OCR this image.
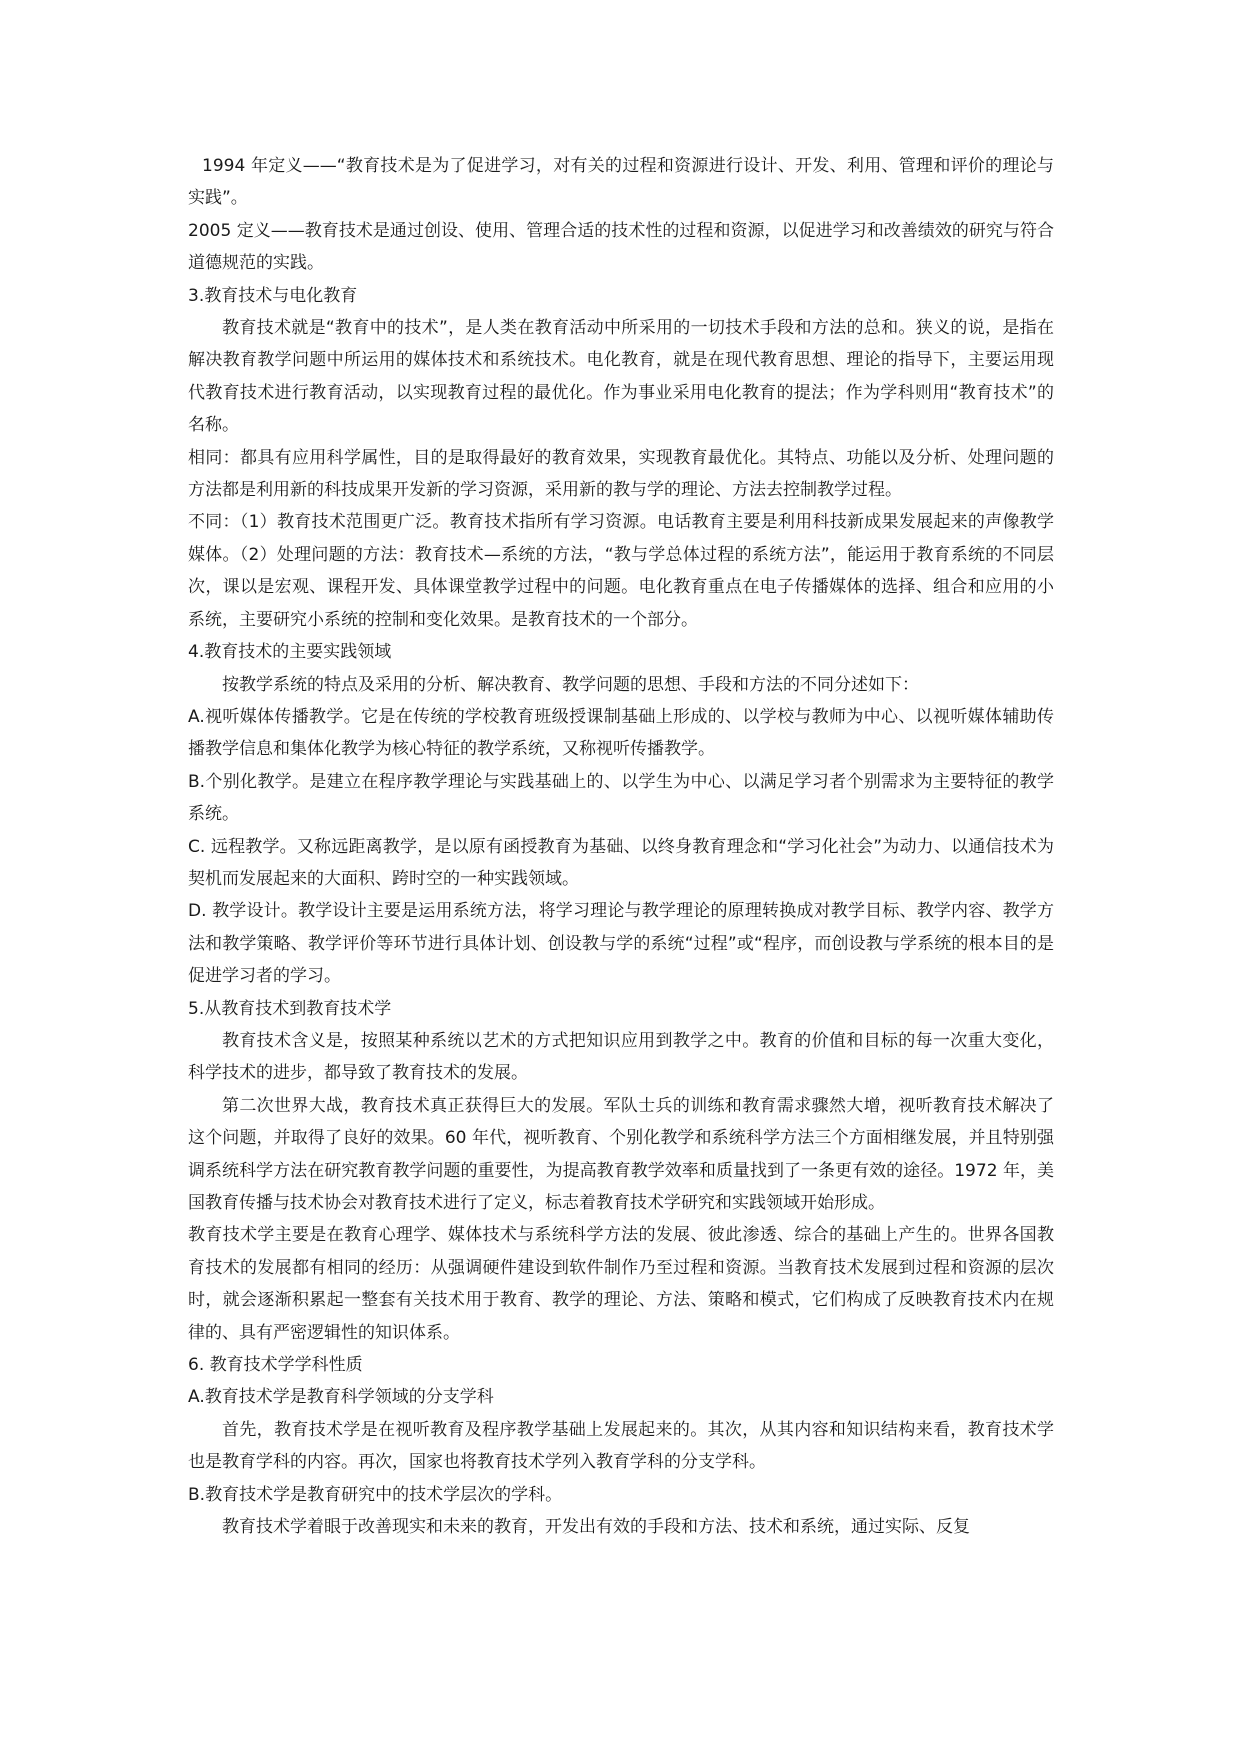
1994 年定义——“教育技术是为了促进学习，对有关的过程和资源进行设计、开发、利用、管理和评价的理论与实践”。

2005 定义——教育技术是通过创设、使用、管理合适的技术性的过程和资源，以促进学习和改善绩效的研究与符合道德规范的实践。

3.教育技术与电化教育

教育技术就是“教育中的技术”，是人类在教育活动中所采用的一切技术手段和方法的总和。狭义的说，是指在解决教育教学问题中所运用的媒体技术和系统技术。电化教育，就是在现代教育思想、理论的指导下，主要运用现代教育技术进行教育活动，以实现教育过程的最优化。作为事业采用电化教育的提法；作为学科则用“教育技术”的名称。

相同：都具有应用科学属性，目的是取得最好的教育效果，实现教育最优化。其特点、功能以及分析、处理问题的方法都是利用新的科技成果开发新的学习资源，采用新的教与学的理论、方法去控制教学过程。

不同：（1）教育技术范围更广泛。教育技术指所有学习资源。电话教育主要是利用科技新成果发展起来的声像教学媒体。（2）处理问题的方法：教育技术—系统的方法，“教与学总体过程的系统方法”，能运用于教育系统的不同层次，课以是宏观、课程开发、具体课堂教学过程中的问题。电化教育重点在电子传播媒体的选择、组合和应用的小系统，主要研究小系统的控制和变化效果。是教育技术的一个部分。

4.教育技术的主要实践领域

按教学系统的特点及采用的分析、解决教育、教学问题的思想、手段和方法的不同分述如下：

A.视听媒体传播教学。它是在传统的学校教育班级授课制基础上形成的、以学校与教师为中心、以视听媒体辅助传播教学信息和集体化教学为核心特征的教学系统，又称视听传播教学。

B.个别化教学。是建立在程序教学理论与实践基础上的、以学生为中心、以满足学习者个别需求为主要特征的教学系统。

C. 远程教学。又称远距离教学，是以原有函授教育为基础、以终身教育理念和“学习化社会”为动力、以通信技术为契机而发展起来的大面积、跨时空的一种实践领域。

D. 教学设计。教学设计主要是运用系统方法，将学习理论与教学理论的原理转换成对教学目标、教学内容、教学方法和教学策略、教学评价等环节进行具体计划、创设教与学的系统“过程”或“程序，而创设教与学系统的根本目的是促进学习者的学习。

5.从教育技术到教育技术学

教育技术含义是，按照某种系统以艺术的方式把知识应用到教学之中。教育的价值和目标的每一次重大变化，科学技术的进步，都导致了教育技术的发展。

第二次世界大战，教育技术真正获得巨大的发展。军队士兵的训练和教育需求骤然大增，视听教育技术解决了这个问题，并取得了良好的效果。60 年代，视听教育、个别化教学和系统科学方法三个方面相继发展，并且特别强调系统科学方法在研究教育教学问题的重要性，为提高教育教学效率和质量找到了一条更有效的途径。1972 年，美国教育传播与技术协会对教育技术进行了定义，标志着教育技术学研究和实践领域开始形成。

教育技术学主要是在教育心理学、媒体技术与系统科学方法的发展、彼此渗透、综合的基础上产生的。世界各国教育技术的发展都有相同的经历：从强调硬件建设到软件制作乃至过程和资源。当教育技术发展到过程和资源的层次时，就会逐渐积累起一整套有关技术用于教育、教学的理论、方法、策略和模式，它们构成了反映教育技术内在规律的、具有严密逻辑性的知识体系。

6. 教育技术学学科性质

A.教育技术学是教育科学领域的分支学科

首先，教育技术学是在视听教育及程序教学基础上发展起来的。其次，从其内容和知识结构来看，教育技术学也是教育学科的内容。再次，国家也将教育技术学列入教育学科的分支学科。

B.教育技术学是教育研究中的技术学层次的学科。

教育技术学着眼于改善现实和未来的教育，开发出有效的手段和方法、技术和系统，通过实际、反复
